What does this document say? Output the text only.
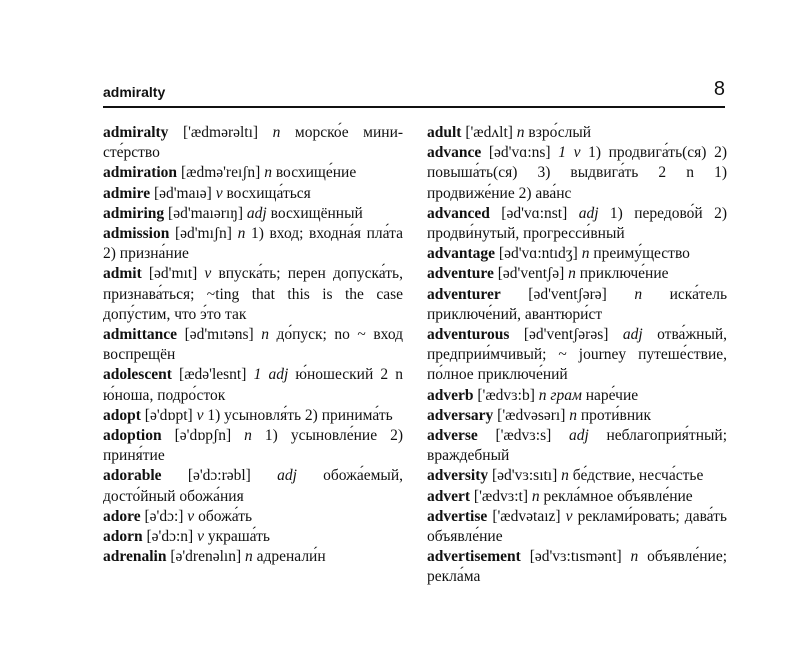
admiralty	8

admiralty ['ædmərəltı] n морско́е мини-сте́рство

admiration [ædmə'reıʃn] n восхище́ние

admire [əd'maıə] v восхища́ться

admiring [əd'maıərıŋ] adj восхищённый

admission [əd'mıʃn] n 1) вход; входна́я пла́та 2) призна́ние

admit [əd'mıt] v впуска́ть; перен допуска́ть, признава́ться; ~ting that this is the case допу́стим, что э́то так

admittance [əd'mıtəns] n до́пуск; no ~ вход воспрещён

adolescent [ædə'lesnt] 1 adj ю́ношеский 2 n ю́ноша, подро́сток

adopt [ə'dɒpt] v 1) усыновля́ть 2) принима́ть

adoption [ə'dɒpʃn] n 1) усыновле́ние 2) приня́тие

adorable [ə'dɔ:rəbl] adj обожа́емый, досто́йный обожа́ния

adore [ə'dɔ:] v обожа́ть

adorn [ə'dɔ:n] v украша́ть

adrenalin [ə'drenəlın] n адренали́н

adult ['ædʌlt] n взро́слый

advance [əd'vɑ:ns] 1 v 1) продвига́ть(ся) 2) повыша́ть(ся) 3) выдвига́ть 2 n 1) продвиже́ние 2) ава́нс

advanced [əd'vɑ:nst] adj 1) передово́й 2) продви́нутый, прогресси́вный

advantage [əd'vɑ:ntıdʒ] n преиму́щество

adventure [əd'ventʃə] n приключе́ние

adventurer [əd'ventʃərə] n иска́тель приключе́ний, авантюри́ст

adventurous [əd'ventʃərəs] adj отва́жный, предприи́мчивый; ~ journey путеше́ствие, по́лное приключе́ний

adverb ['ædvɜ:b] n грам наре́чие

adversary ['ædvəsərı] n проти́вник

adverse ['ædvɜ:s] adj неблагоприя́тный; враждебный

adversity [əd'vɜ:sıtı] n бе́дствие, несча́стье

advert ['ædvɜ:t] n рекла́мное объявле́ние

advertise ['ædvətaız] v реклами́ровать; дава́ть объявле́ние

advertisement [əd'vɜ:tısmənt] n объявле́ние; рекла́ма
